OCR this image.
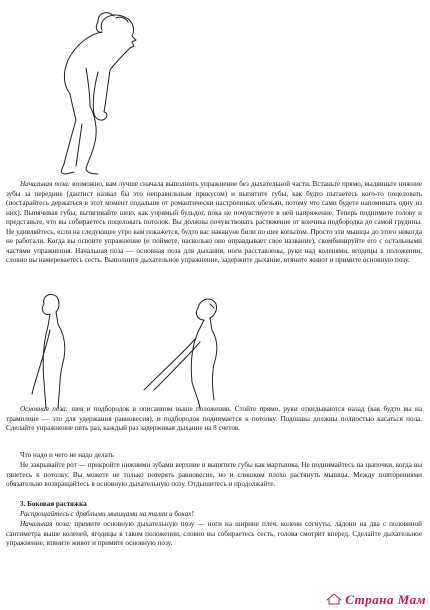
Начальная поза: возможно, вам лучше сначала выполнить упражнение без дыхательной части. Встаньте прямо, выдвиньте нижние зубы за передние (дантист назвал бы это неправильным прикусом) и выпятите губы, как будто пытаетесь кого-то поцеловать (постарайтесь держаться в этот момент подальше от романтически настроенных обезьян, потому что сами будете напоминать одну из них). Выпячивая губы, вытягивайте шею, как упрямый бульдог, пока не почувствуете в ней напряжение. Теперь поднимите голову и представьте, что вы собираетесь поцеловать потолок. Вы должны почувствовать растяжение от кончика подбородка до самой грудины. Не удивляйтесь, если на следующее утро вам покажется, будто вас накануне били по шее копытом. Просто эти мышцы до этого никогда не работали. Когда вы освоите упражнение (и поймете, насколько оно оправдывает свое название), скомбинируйте его с остальными частями упражнения. Начальная поза — основная поза для дыхания, ноги расставлены, руки над коленями, ягодицы в положении, словно вы намереваетесь сесть. Выполните дыхательное упражнение, задержите дыхание, втяните живот и примите основную позу.

Основная поза: шея и подбородок в описанном выше положении. Стойте прямо, руки откидываются назад (как будто вы на трамплине — это для удержания равновесия), и подбородок поднимается к потолку. Подошвы должны полностью касаться пола. Сделайте упражнение пять раз, каждый раз задерживая дыхание на 8 счетов.

Что надо и чего не надо делать

Не закрывайте рот — прикройте нижними зубами верхние и выпятите губы как мартышка. Не поднимайтесь на цыпочки, когда вы тянетесь к потолку. Вы можете не только потерять равновесие, но и слишком плохо растянуть мышцы. Между повторениями обязательно возвращайтесь в основную дыхательную позу. Отдышитесь и продолжайте.

3. Боковая растяжка

Распрощайтесь с дряблыми мышцами на талии и боках!

Начальная поза: примите основную дыхательную позу — ноги на ширине плеч, колени согнуты, ладони на два с половиной сантиметра выше коленей, ягодицы в таком положении, словно вы собираетесь сесть, голова смотрит вперед. Сделайте дыхательное упражнение, втяните живот и примите основную позу.

Страна Мам
